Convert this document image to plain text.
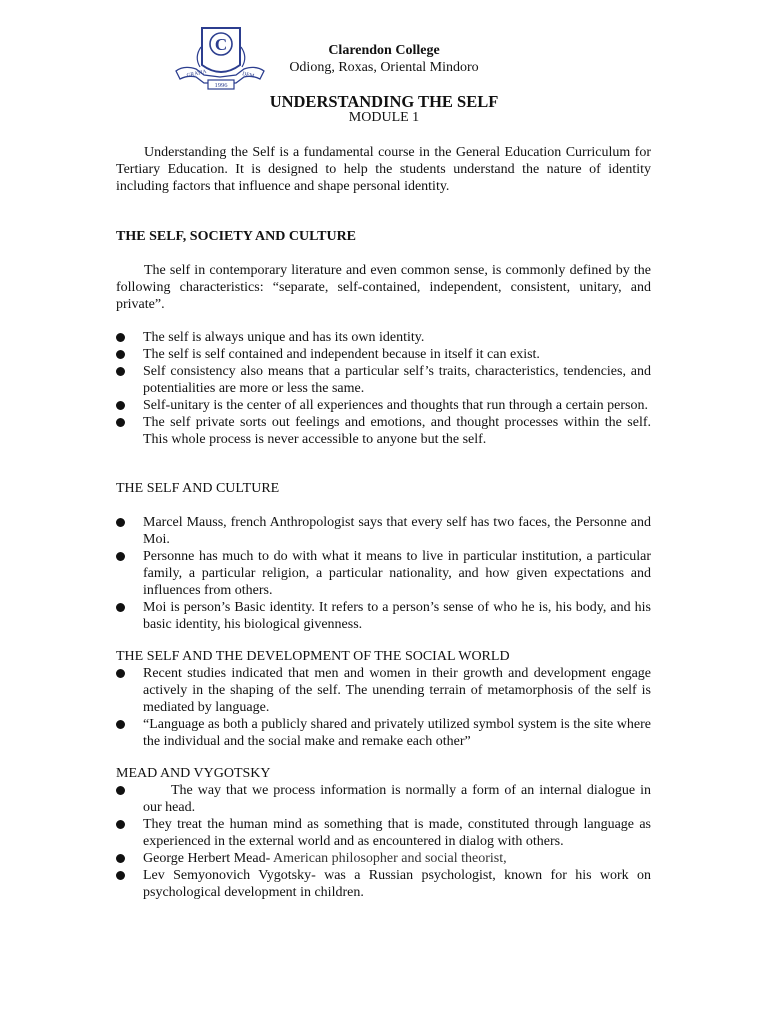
C
GRATIA	DEM
1996
Clarendon College
Odiong, Roxas, Oriental Mindoro
UNDERSTANDING THE SELF
MODULE 1
Understanding the Self is a fundamental course in the General Education Curriculum for Tertiary Education. It is designed to help the students understand the nature of identity including factors that influence and shape personal identity.
THE SELF, SOCIETY AND CULTURE
The self in contemporary literature and even common sense, is commonly defined by the following characteristics: “separate, self-contained, independent, consistent, unitary, and private”.
The self is always unique and has its own identity.
The self is self contained and independent because in itself it can exist.
Self consistency also means that a particular self’s traits, characteristics, tendencies, and potentialities are more or less the same.
Self-unitary is the center of all experiences and thoughts that run through a certain person.
The self private sorts out feelings and emotions, and thought processes within the self. This whole process is never accessible to anyone but the self.
THE SELF AND CULTURE
Marcel Mauss, french Anthropologist says that every self has two faces, the Personne and Moi.
Personne has much to do with what it means to live in particular institution, a particular family, a particular religion, a particular nationality, and how given expectations and influences from others.
Moi is person’s Basic identity. It refers to a person’s sense of who he is, his body, and his basic identity, his biological givenness.
THE SELF AND THE DEVELOPMENT OF THE SOCIAL WORLD
Recent studies indicated that men and women in their growth and development engage actively in the shaping of the self. The unending terrain of metamorphosis of the self is mediated by language.
“Language as both a publicly shared and privately utilized symbol system is the site where the individual and the social make and remake each other”
MEAD AND VYGOTSKY
The way that we process information is normally a form of an internal dialogue in our head.
They treat the human mind as something that is made, constituted through language as experienced in the external world and as encountered in dialog with others.
George Herbert Mead- American philosopher and social theorist,
Lev Semyonovich Vygotsky- was a Russian psychologist, known for his work on psychological development in children.
